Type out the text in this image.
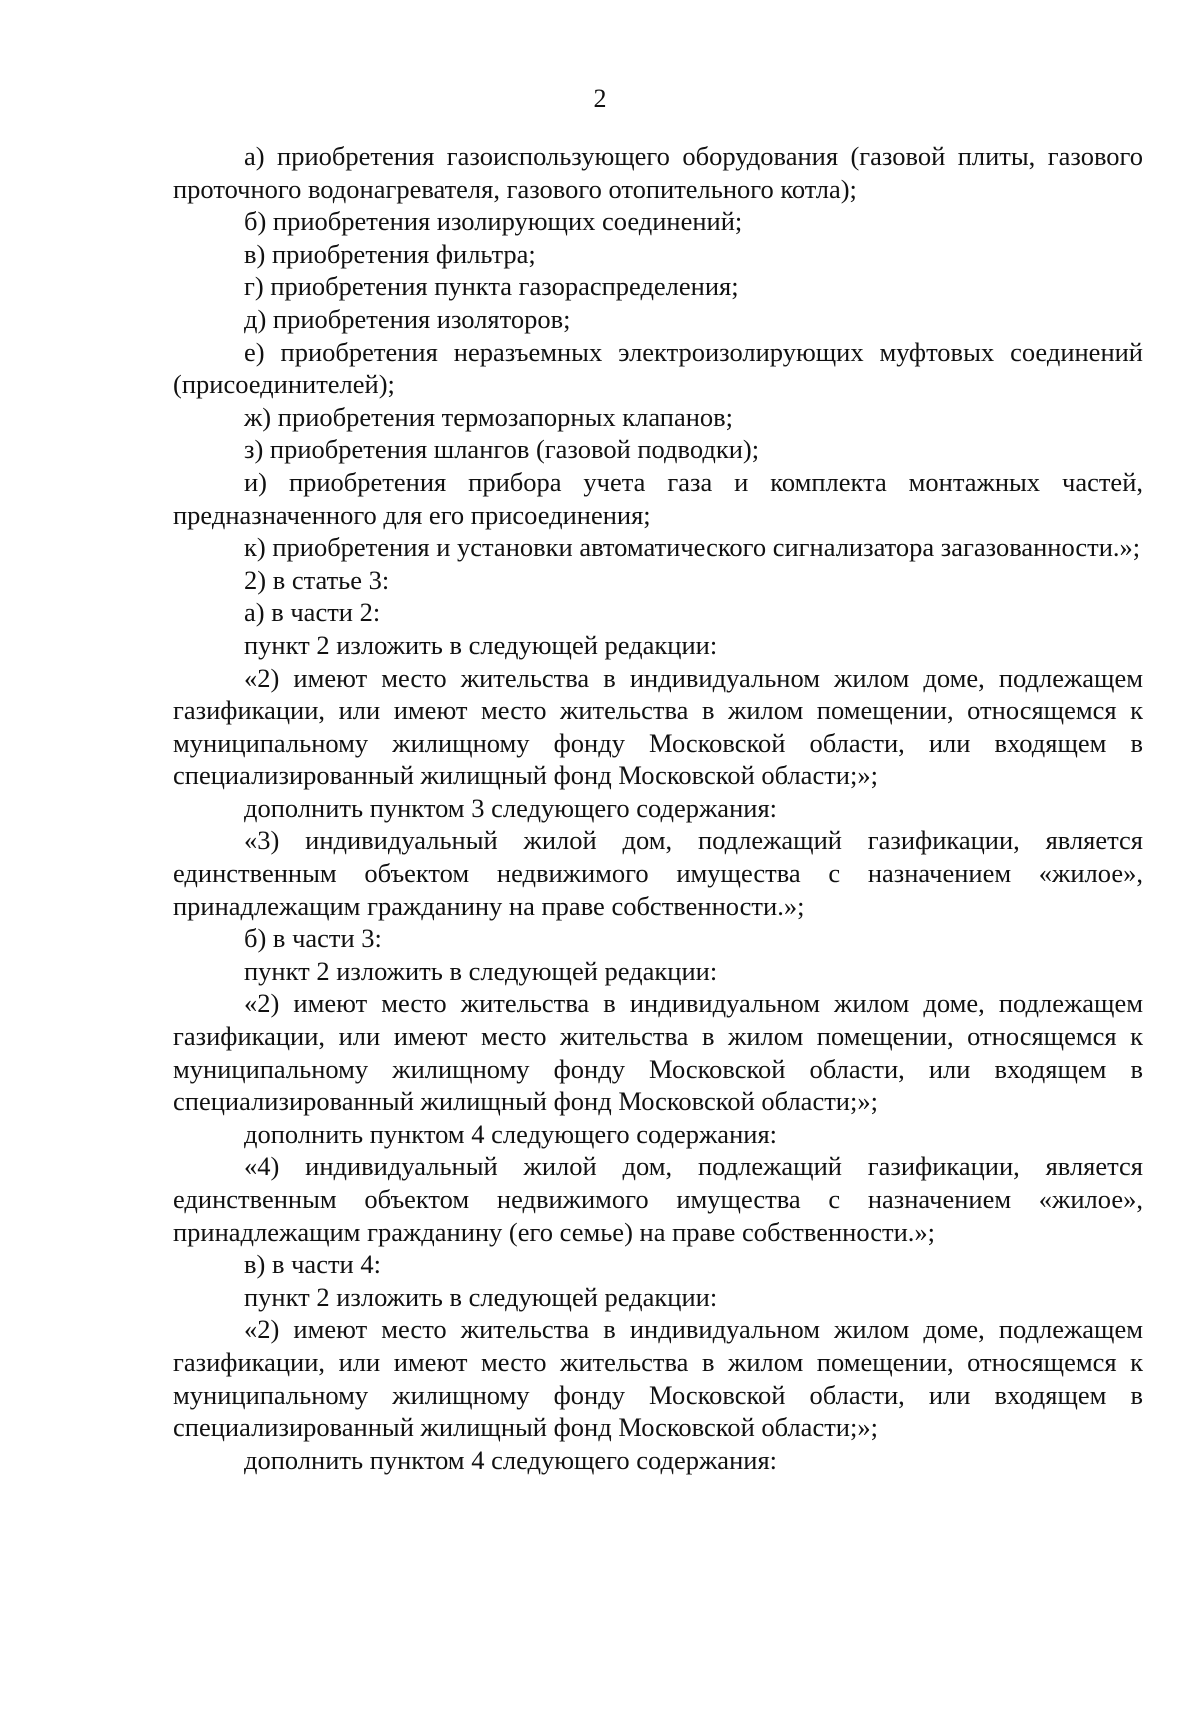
2

а) приобретения газоиспользующего оборудования (газовой плиты, газового проточного водонагревателя, газового отопительного котла);

б) приобретения изолирующих соединений;

в) приобретения фильтра;

г) приобретения пункта газораспределения;

д) приобретения изоляторов;

е) приобретения неразъемных электроизолирующих муфтовых соединений (присоединителей);

ж) приобретения термозапорных клапанов;

з) приобретения шлангов (газовой подводки);

и) приобретения прибора учета газа и комплекта монтажных частей, предназначенного для его присоединения;

к) приобретения и установки автоматического сигнализатора загазованности.»;

2) в статье 3:

а) в части 2:

пункт 2 изложить в следующей редакции:

«2) имеют место жительства в индивидуальном жилом доме, подлежащем газификации, или имеют место жительства в жилом помещении, относящемся к муниципальному жилищному фонду Московской области, или входящем в специализированный жилищный фонд Московской области;»;

дополнить пунктом 3 следующего содержания:

«3) индивидуальный жилой дом, подлежащий газификации, является единственным объектом недвижимого имущества с назначением «жилое», принадлежащим гражданину на праве собственности.»;

б) в части 3:

пункт 2 изложить в следующей редакции:

«2) имеют место жительства в индивидуальном жилом доме, подлежащем газификации, или имеют место жительства в жилом помещении, относящемся к муниципальному жилищному фонду Московской области, или входящем в специализированный жилищный фонд Московской области;»;

дополнить пунктом 4 следующего содержания:

«4) индивидуальный жилой дом, подлежащий газификации, является единственным объектом недвижимого имущества с назначением «жилое», принадлежащим гражданину (его семье) на праве собственности.»;

в) в части 4:

пункт 2 изложить в следующей редакции:

«2) имеют место жительства в индивидуальном жилом доме, подлежащем газификации, или имеют место жительства в жилом помещении, относящемся к муниципальному жилищному фонду Московской области, или входящем в специализированный жилищный фонд Московской области;»;

дополнить пунктом 4 следующего содержания:
